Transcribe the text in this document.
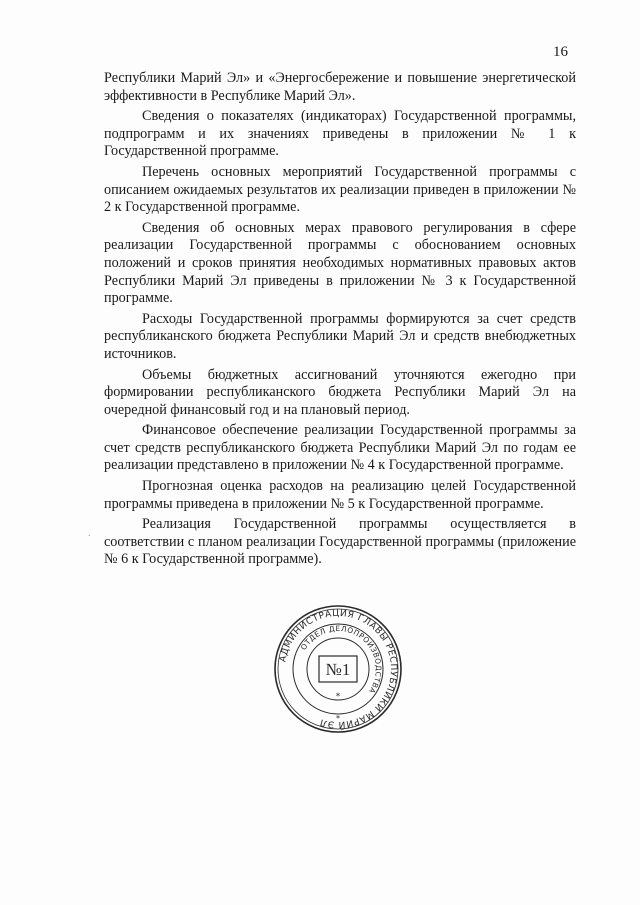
16

Республики Марий Эл» и «Энергосбережение и повышение энергетической эффективности в Республике Марий Эл».

Сведения о показателях (индикаторах) Государственной программы, подпрограмм и их значениях приведены в приложении № 1 к Государственной программе.

Перечень основных мероприятий Государственной программы с описанием ожидаемых результатов их реализации приведен в приложении № 2 к Государственной программе.

Сведения об основных мерах правового регулирования в сфере реализации Государственной программы с обоснованием основных положений и сроков принятия необходимых нормативных правовых актов Республики Марий Эл приведены в приложении № 3 к Государственной программе.

Расходы Государственной программы формируются за счет средств республиканского бюджета Республики Марий Эл и средств внебюджетных источников.

Объемы бюджетных ассигнований уточняются ежегодно при формировании республиканского бюджета Республики Марий Эл на очередной финансовый год и на плановый период.

Финансовое обеспечение реализации Государственной программы за счет средств республиканского бюджета Республики Марий Эл по годам ее реализации представлено в приложении № 4 к Государственной программе.

Прогнозная оценка расходов на реализацию целей Государственной программы приведена в приложении № 5 к Государственной программе.

Реализация Государственной программы осуществляется в соответствии с планом реализации Государственной программы (приложение № 6 к Государственной программе).

.
АДМИНИСТРАЦИЯ ГЛАВЫ РЕСПУБЛИКИ МАРИЙ ЭЛ
ОТДЕЛ ДЕЛОПРОИЗВОДСТВА
№1
*
*
